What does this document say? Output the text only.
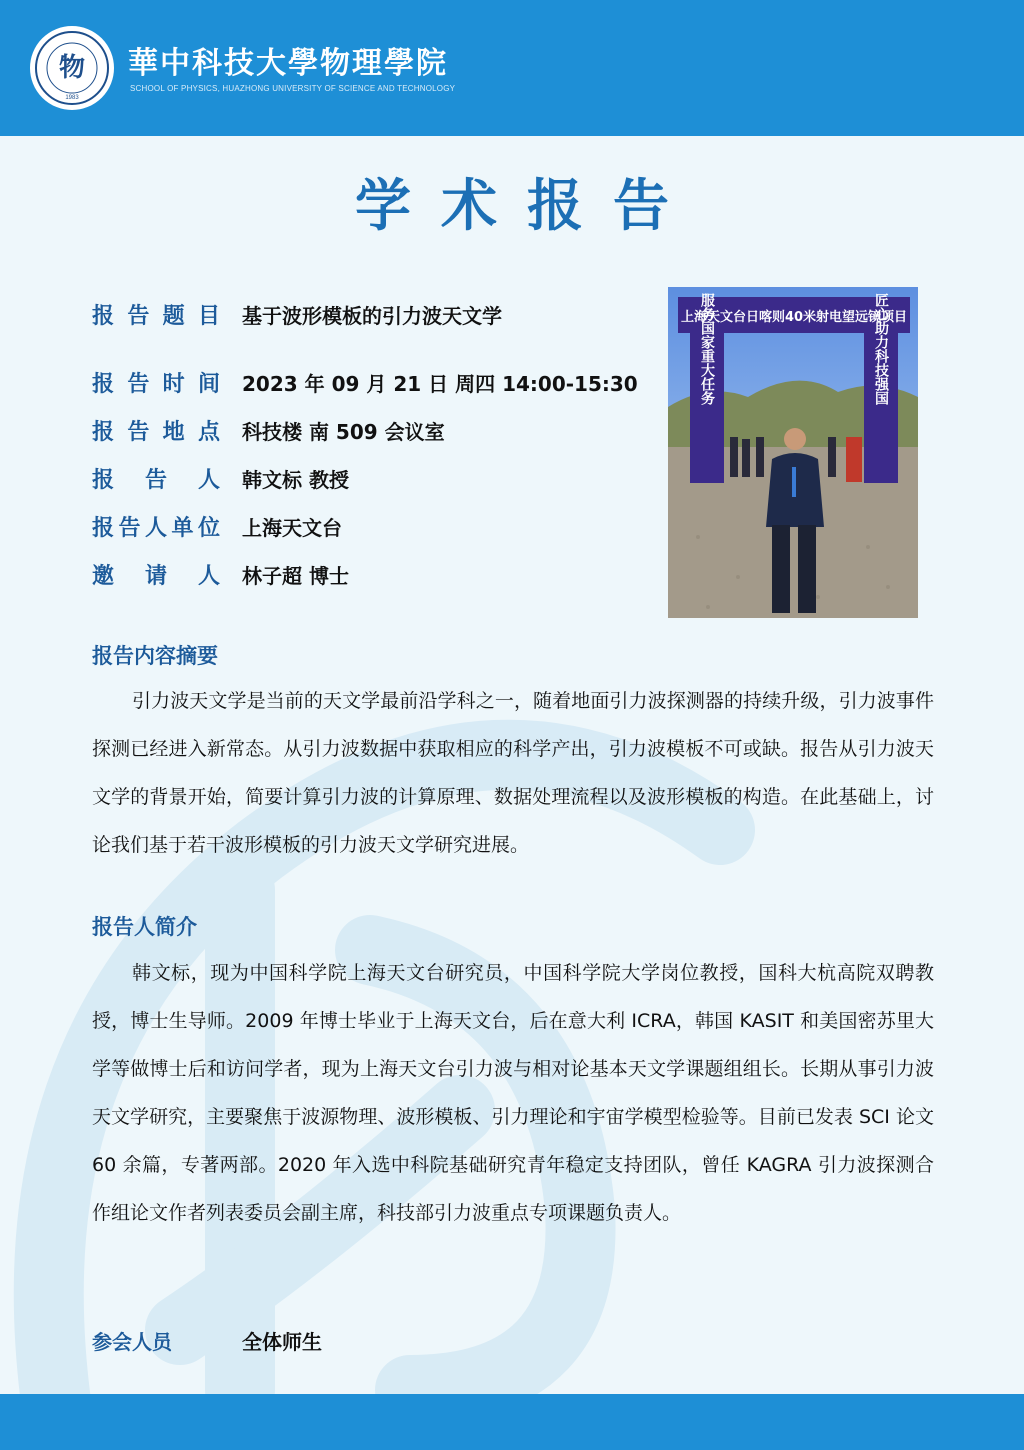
物
1983
華中科技大學物理學院
SCHOOL OF PHYSICS, HUAZHONG UNIVERSITY OF SCIENCE AND TECHNOLOGY
学术报告
报 告 题 目 基于波形模板的引力波天文学
报 告 时 间 2023 年 09 月 21 日 周四 14:00-15:30
报 告 地 点 科技楼 南 509 会议室
报 告 人 韩文标 教授
报 告 人 单 位 上海天文台
邀 请 人 林子超 博士
上海天文台日喀则40米射电望远镜项目
服务国家重大任务	匠心助力科技强国
报告内容摘要
引力波天文学是当前的天文学最前沿学科之一，随着地面引力波探测器的持续升级，引力波事件探测已经进入新常态。从引力波数据中获取相应的科学产出，引力波模板不可或缺。报告从引力波天文学的背景开始，简要计算引力波的计算原理、数据处理流程以及波形模板的构造。在此基础上，讨论我们基于若干波形模板的引力波天文学研究进展。
报告人简介
韩文标，现为中国科学院上海天文台研究员，中国科学院大学岗位教授，国科大杭高院双聘教授，博士生导师。2009 年博士毕业于上海天文台，后在意大利 ICRA，韩国 KASIT 和美国密苏里大学等做博士后和访问学者，现为上海天文台引力波与相对论基本天文学课题组组长。长期从事引力波天文学研究，主要聚焦于波源物理、波形模板、引力理论和宇宙学模型检验等。目前已发表 SCI 论文 60 余篇，专著两部。2020 年入选中科院基础研究青年稳定支持团队，曾任 KAGRA 引力波探测合作组论文作者列表委员会副主席，科技部引力波重点专项课题负责人。
参会人员	全体师生
